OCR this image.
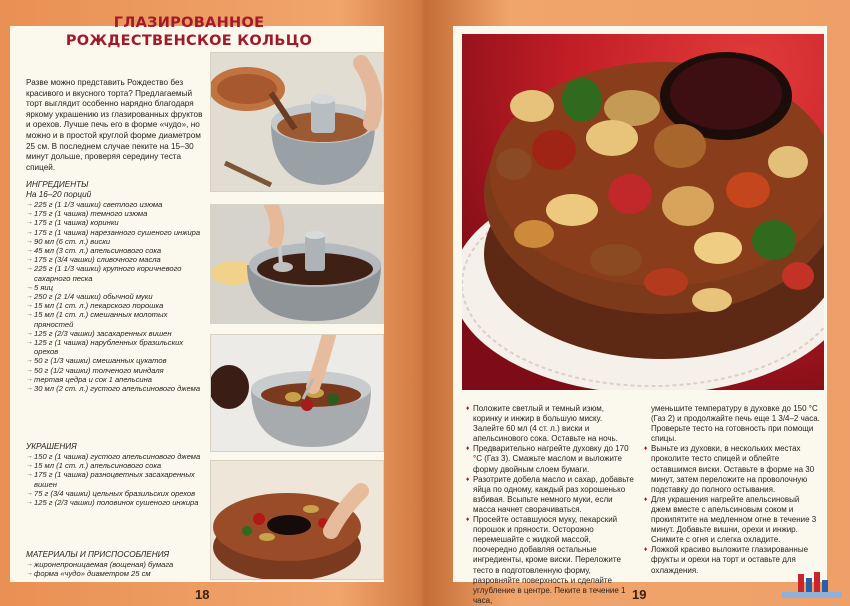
ГЛАЗИРОВАННОЕ
РОЖДЕСТВЕНСКОЕ КОЛЬЦО

Разве можно представить Рождество без красивого и вкусного торта? Предлагаемый торт выглядит особенно нарядно благодаря яркому украшению из глазированных фруктов и орехов. Лучше печь его в форме «чудо», но можно и в простой круглой форме диаметром 25 см. В последнем случае пеките на 15–30 минут дольше, проверяя середину теста спицей.

ИНГРЕДИЕНТЫ
На 16–20 порций
→ 225 г (1 1/3 чашки) светлого изюма
→ 175 г (1 чашка) темного изюма
→ 175 г (1 чашка) коринки
→ 175 г (1 чашка) нарезанного сушеного инжира
→ 90 мл (6 ст. л.) виски
→ 45 мл (3 ст. л.) апельсинового сока
→ 175 г (3/4 чашки) сливочного масла
→ 225 г (1 1/3 чашки) крупного коричневого сахарного песка
→ 5 яиц
→ 250 г (2 1/4 чашки) обычной муки
→ 15 мл (1 ст. л.) пекарского порошка
→ 15 мл (1 ст. л.) смешанных молотых пряностей
→ 125 г (2/3 чашки) засахаренных вишен
→ 125 г (1 чашка) нарубленных бразильских орехов
→ 50 г (1/3 чашки) смешанных цукатов
→ 50 г (1/2 чашки) толченого миндаля
→ тертая цедра и сок 1 апельсина
→ 30 мл (2 ст. л.) густого апельсинового джема
УКРАШЕНИЯ
→ 150 г (1 чашка) густого апельсинового джема
→ 15 мл (1 ст. л.) апельсинового сока
→ 175 г (1 чашка) разноцветных засахаренных вишен
→ 75 г (3/4 чашки) цельных бразильских орехов
→ 125 г (2/3 чашки) половинок сушеного инжира
МАТЕРИАЛЫ И ПРИСПОСОБЛЕНИЯ
→ жиронепроницаемая (вощеная) бумага
→ форма «чудо» диаметром 25 см
18

♦ Положите светлый и темный изюм, коринку и инжир в большую миску. Залейте 60 мл (4 ст. л.) виски и апельсинового сока. Оставьте на ночь.

♦ Предварительно нагрейте духовку до 170 °С (Газ 3). Смажьте маслом и выложите форму двойным слоем бумаги.

♦ Разотрите добела масло и сахар, добавьте яйца по одному, каждый раз хорошенько взбивая. Всыпьте немного муки, если масса начнет сворачиваться.

♦ Просейте оставшуюся муку, пекарский порошок и пряности. Осторожно перемешайте с жидкой массой, поочередно добавляя остальные ингредиенты, кроме виски. Переложите тесто в подготовленную форму, разровняйте поверхность и сделайте углубление в центре. Пеките в течение 1 часа,

уменьшите температуру в духовке до 150 °С (Газ 2) и продолжайте печь еще 1 3/4–2 часа. Проверьте тесто на готовность при помощи спицы.

♦ Выньте из духовки, в нескольких местах проколите тесто спицей и облейте оставшимся виски. Оставьте в форме на 30 минут, затем переложите на проволочную подставку до полного остывания.

♦ Для украшения нагрейте апельсиновый джем вместе с апельсиновым соком и прокипятите на медленном огне в течение 3 минут. Добавьте вишни, орехи и инжир. Снимите с огня и слегка охладите.

♦ Ложкой красиво выложите глазированные фрукты и орехи на торт и оставьте для охлаждения.

19
